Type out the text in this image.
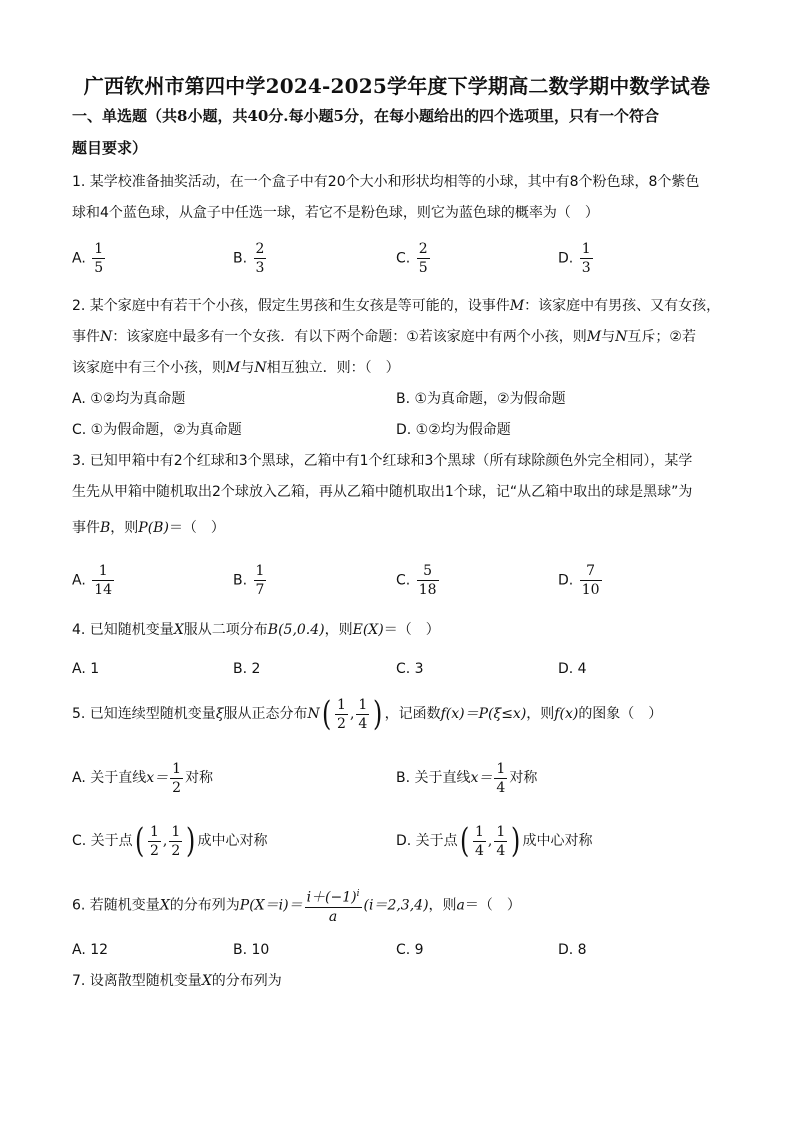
广西钦州市第四中学2024-2025学年度下学期高二数学期中数学试卷
一、单选题（共8小题，共40分.每小题5分，在每小题给出的四个选项里，只有一个符合
题目要求）
1. 某学校准备抽奖活动，在一个盒子中有20个大小和形状均相等的小球，其中有8个粉色球，8个紫色
球和4个蓝色球，从盒子中任选一球，若它不是粉色球，则它为蓝色球的概率为（　）
A. $\frac{1}{5}$	B. $\frac{2}{3}$	C. $\frac{2}{5}$	D. $\frac{1}{3}$
2. 某个家庭中有若干个小孩，假定生男孩和生女孩是等可能的，设事件M：该家庭中有男孩、又有女孩，
事件N：该家庭中最多有一个女孩．有以下两个命题：①若该家庭中有两个小孩，则M与N互斥；②若
该家庭中有三个小孩，则M与N相互独立．则：（　）
A. ①②均为真命题	B. ①为真命题，②为假命题
C. ①为假命题，②为真命题	D. ①②均为假命题
3. 已知甲箱中有2个红球和3个黑球，乙箱中有1个红球和3个黑球（所有球除颜色外完全相同），某学
生先从甲箱中随机取出2个球放入乙箱，再从乙箱中随机取出1个球，记“从乙箱中取出的球是黑球”为
事件B，则P(B)＝（　）
A. $\frac{1}{14}$	B. $\frac{1}{7}$	C. $\frac{5}{18}$	D. $\frac{7}{10}$
4. 已知随机变量X服从二项分布B(5,0.4)，则E(X)＝（　）
A. 1	B. 2	C. 3	D. 4
5. 已知连续型随机变量ξ服从正态分布$N( \frac{1}{2}$ , $\frac{1}{4}$ ) ，记函数f(x)＝P(ξ≤x)，则f(x)的图象（　）
A. 关于直线$x= \frac{1}{2}$ 对称	B. 关于直线$x= \frac{1}{4}$ 对称
C. 关于点( $\frac{1}{2}$ , $\frac{1}{2}$ ) 成中心对称	D. 关于点( $\frac{1}{4}$ , $\frac{1}{4}$ ) 成中心对称
6. 若随机变量X的分布列为$P(X=i)= \frac{i+(-1)^i}{a} (i=2,3,4)$，则a＝（　）
A. 12	B. 10	C. 9	D. 8
7. 设离散型随机变量X的分布列为
